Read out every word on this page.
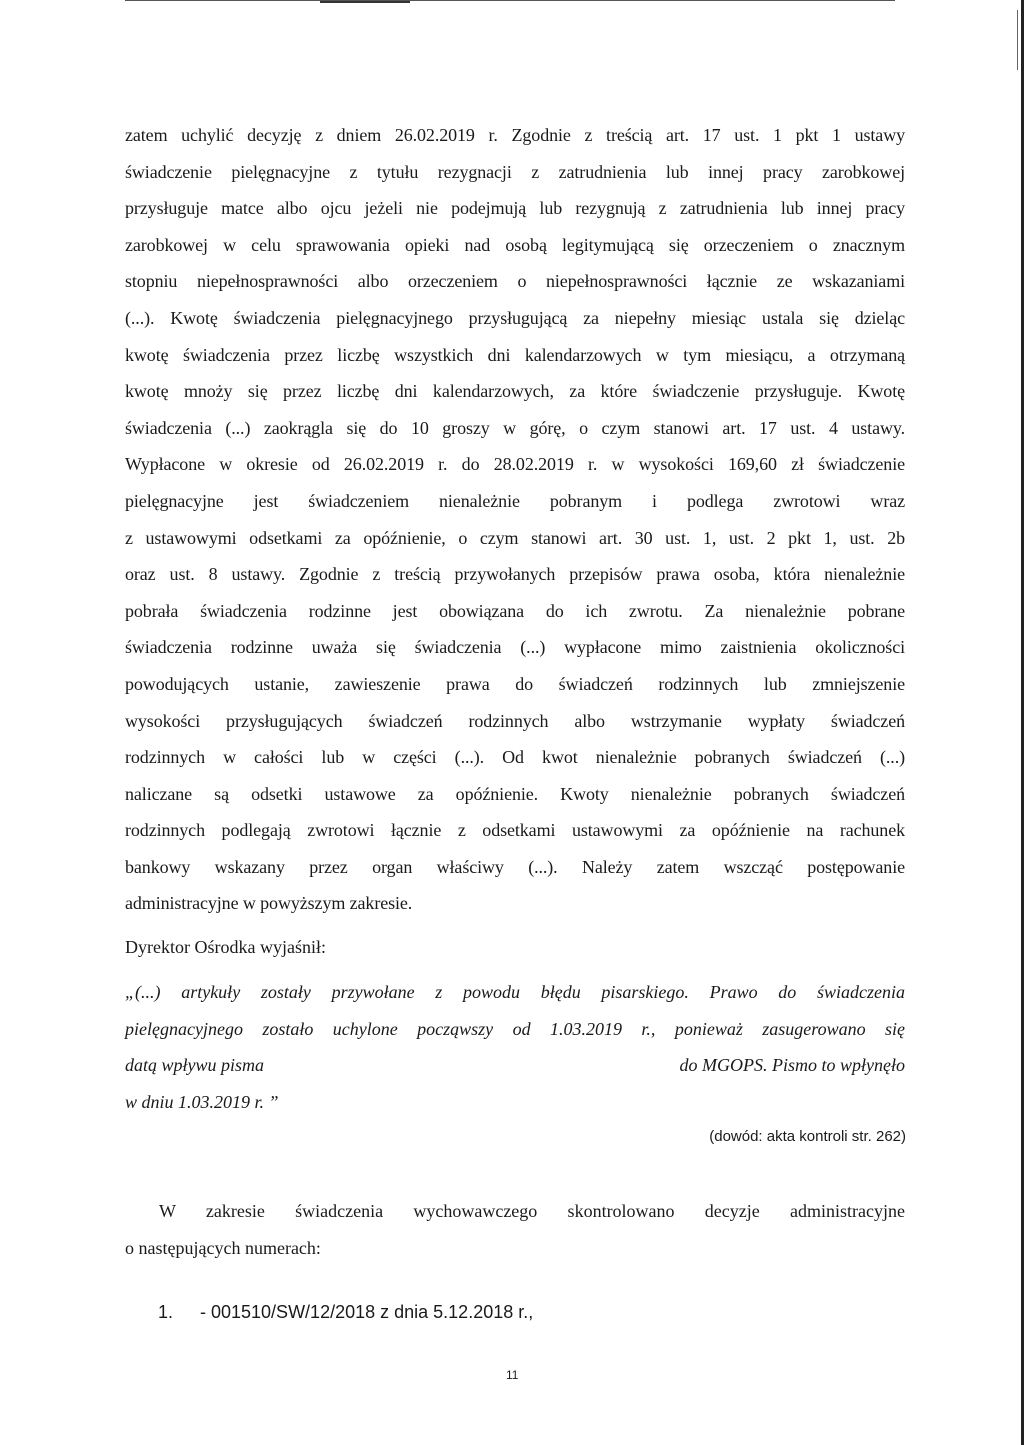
zatem uchylić decyzję z dniem 26.02.2019 r. Zgodnie z treścią art. 17 ust. 1 pkt 1 ustawy
świadczenie pielęgnacyjne z tytułu rezygnacji z zatrudnienia lub innej pracy zarobkowej
przysługuje matce albo ojcu jeżeli nie podejmują lub rezygnują z zatrudnienia lub innej pracy
zarobkowej w celu sprawowania opieki nad osobą legitymującą się orzeczeniem o znacznym
stopniu niepełnosprawności albo orzeczeniem o niepełnosprawności łącznie ze wskazaniami
(...). Kwotę świadczenia pielęgnacyjnego przysługującą za niepełny miesiąc ustala się dzieląc
kwotę świadczenia przez liczbę wszystkich dni kalendarzowych w tym miesiącu, a otrzymaną
kwotę mnoży się przez liczbę dni kalendarzowych, za które świadczenie przysługuje. Kwotę
świadczenia (...) zaokrągla się do 10 groszy w górę, o czym stanowi art. 17 ust. 4 ustawy.
Wypłacone w okresie od 26.02.2019 r. do 28.02.2019 r. w wysokości 169,60 zł świadczenie
pielęgnacyjne jest świadczeniem nienależnie pobranym i podlega zwrotowi wraz
z ustawowymi odsetkami za opóźnienie, o czym stanowi art. 30 ust. 1, ust. 2 pkt 1, ust. 2b
oraz ust. 8 ustawy. Zgodnie z treścią przywołanych przepisów prawa osoba, która nienależnie
pobrała świadczenia rodzinne jest obowiązana do ich zwrotu. Za nienależnie pobrane
świadczenia rodzinne uważa się świadczenia (...) wypłacone mimo zaistnienia okoliczności
powodujących ustanie, zawieszenie prawa do świadczeń rodzinnych lub zmniejszenie
wysokości przysługujących świadczeń rodzinnych albo wstrzymanie wypłaty świadczeń
rodzinnych w całości lub w części (...). Od kwot nienależnie pobranych świadczeń (...)
naliczane są odsetki ustawowe za opóźnienie. Kwoty nienależnie pobranych świadczeń
rodzinnych podlegają zwrotowi łącznie z odsetkami ustawowymi za opóźnienie na rachunek
bankowy wskazany przez organ właściwy (...). Należy zatem wszcząć postępowanie
administracyjne w powyższym zakresie.
Dyrektor Ośrodka wyjaśnił:
„(...) artykuły zostały przywołane z powodu błędu pisarskiego. Prawo do świadczenia
pielęgnacyjnego zostało uchylone począwszy od 1.03.2019 r., ponieważ zasugerowano się
datą wpływu pisma	do MGOPS. Pismo to wpłynęło
w dniu 1.03.2019 r. ”
(dowód: akta kontroli str. 262)
W zakresie świadczenia wychowawczego skontrolowano decyzje administracyjne
o następujących numerach:
1. - 001510/SW/12/2018 z dnia 5.12.2018 r.,
11
